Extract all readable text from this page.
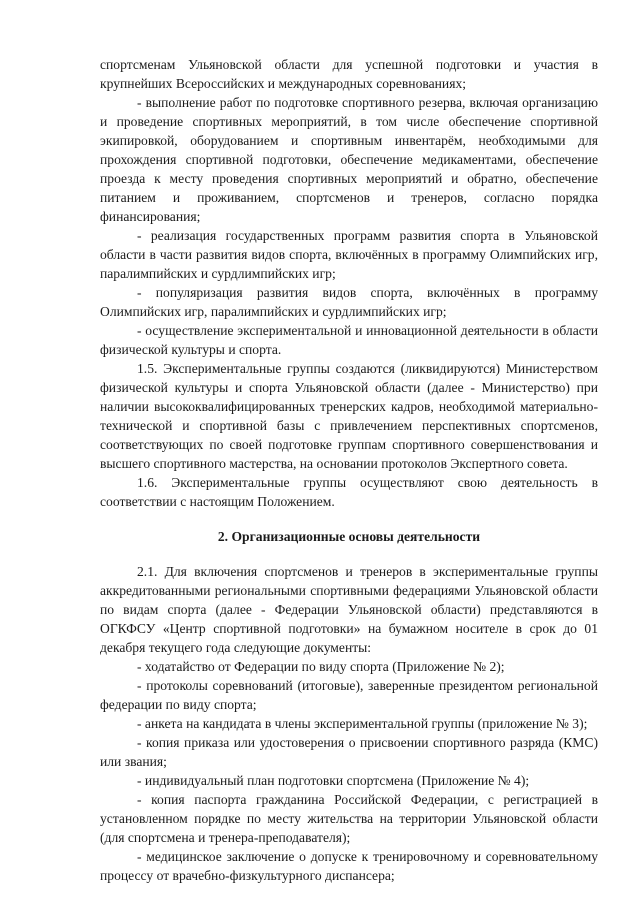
спортсменам Ульяновской области для успешной подготовки и участия в крупнейших Всероссийских и международных соревнованиях;

- выполнение работ по подготовке спортивного резерва, включая организацию и проведение спортивных мероприятий, в том числе обеспечение спортивной экипировкой, оборудованием и спортивным инвентарём, необходимыми для прохождения спортивной подготовки, обеспечение медикаментами, обеспечение проезда к месту проведения спортивных мероприятий и обратно, обеспечение питанием и проживанием, спортсменов и тренеров, согласно порядка финансирования;

- реализация государственных программ развития спорта в Ульяновской области в части развития видов спорта, включённых в программу Олимпийских игр, паралимпийских и сурдлимпийских игр;

- популяризация развития видов спорта, включённых в программу Олимпийских игр, паралимпийских и сурдлимпийских игр;

- осуществление экспериментальной и инновационной деятельности в области физической культуры и спорта.

1.5. Экспериментальные группы создаются (ликвидируются) Министерством физической культуры и спорта Ульяновской области (далее - Министерство) при наличии высококвалифицированных тренерских кадров, необходимой материально-технической и спортивной базы с привлечением перспективных спортсменов, соответствующих по своей подготовке группам спортивного совершенствования и высшего спортивного мастерства, на основании протоколов Экспертного совета.

1.6. Экспериментальные группы осуществляют свою деятельность в соответствии с настоящим Положением.

2. Организационные основы деятельности

2.1. Для включения спортсменов и тренеров в экспериментальные группы аккредитованными региональными спортивными федерациями Ульяновской области по видам спорта (далее - Федерации Ульяновской области) представляются в ОГКФСУ «Центр спортивной подготовки» на бумажном носителе в срок до 01 декабря текущего года следующие документы:

- ходатайство от Федерации по виду спорта (Приложение № 2);

- протоколы соревнований (итоговые), заверенные президентом региональной федерации по виду спорта;

- анкета на кандидата в члены экспериментальной группы (приложение № 3);

- копия приказа или удостоверения о присвоении спортивного разряда (КМС) или звания;

- индивидуальный план подготовки спортсмена (Приложение № 4);

- копия паспорта гражданина Российской Федерации, с регистрацией в установленном порядке по месту жительства на территории Ульяновской области (для спортсмена и тренера-преподавателя);

- медицинское заключение о допуске к тренировочному и соревновательному процессу от врачебно-физкультурного диспансера;
